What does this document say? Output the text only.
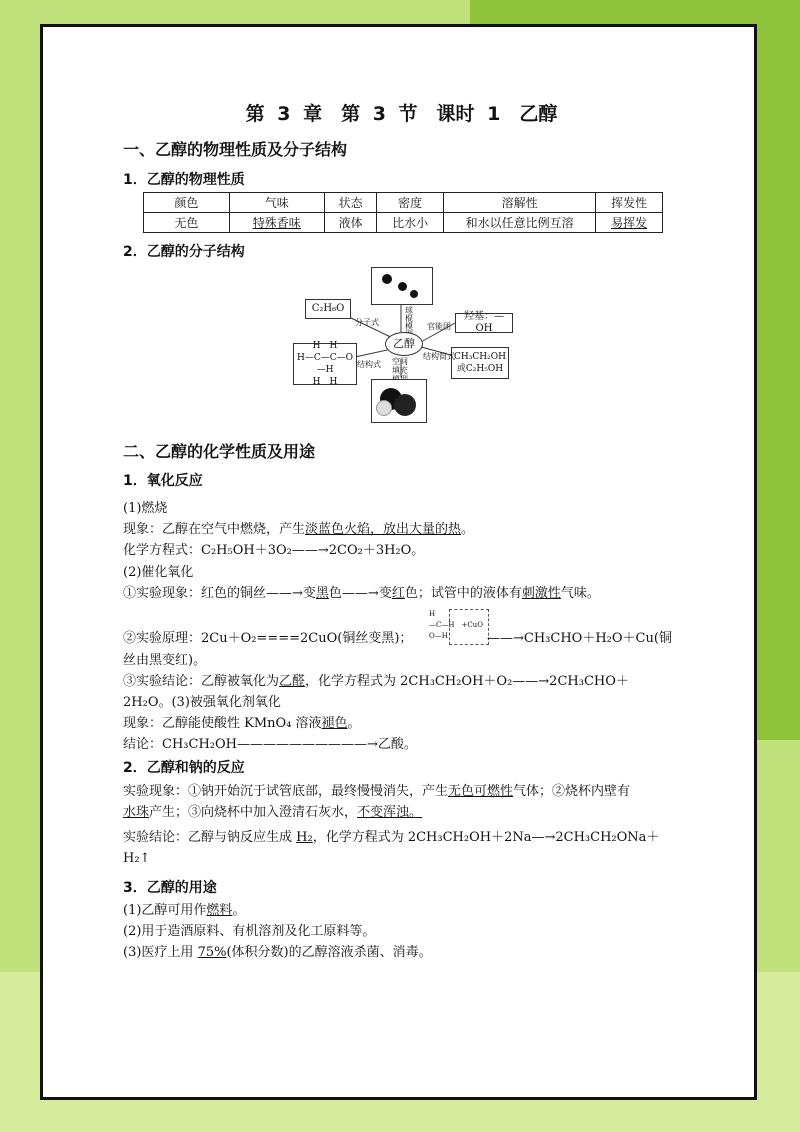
第 3 章　第 3 节　课时 1　乙醇
一、乙醇的物理性质及分子结构
1．乙醇的物理性质
颜色	气味	状态	密度	溶解性	挥发性
无色	特殊香味	液体	比水小	和水以任意比例互溶	易挥发
2．乙醇的分子结构
球棍模
乙醇
C₂H₆O
分子式
H　H
H—C—C—O—H
H　H
结构式
羟基：—OH
官能团
CH₃CH₂OH
或C₂H₅OH
结构简式
空间填充
二、乙醇的化学性质及用途
1．氧化反应
(1)燃烧
现象：乙醇在空气中燃烧，产生淡蓝色火焰，放出大量的热。
化学方程式：C₂H₅OH＋3O₂——→2CO₂＋3H₂O。
(2)催化氧化
①实验现象：红色的铜丝——→变黑色——→变红色；试管中的液体有刺激性气味。
②实验原理：2Cu＋O₂====2CuO(铜丝变黑)；
H
—C—H　+CuO
O—H	——→CH₃CHO＋H₂O＋Cu(铜
丝由黑变红)。
③实验结论：乙醇被氧化为乙醛，化学方程式为 2CH₃CH₂OH＋O₂——→2CH₃CHO＋
2H₂O。(3)被强氧化剂氧化
现象：乙醇能使酸性 KMnO₄ 溶液褪色。
结论：CH₃CH₂OH——————————→乙酸。
2．乙醇和钠的反应
实验现象：①钠开始沉于试管底部，最终慢慢消失，产生无色可燃性气体；②烧杯内壁有
水珠产生；③向烧杯中加入澄清石灰水，不变浑浊。
实验结论：乙醇与钠反应生成 H₂，化学方程式为 2CH₃CH₂OH＋2Na—→2CH₃CH₂ONa＋
H₂↑
3．乙醇的用途
(1)乙醇可用作燃料。
(2)用于造酒原料、有机溶剂及化工原料等。
(3)医疗上用 75%(体积分数)的乙醇溶液杀菌、消毒。
